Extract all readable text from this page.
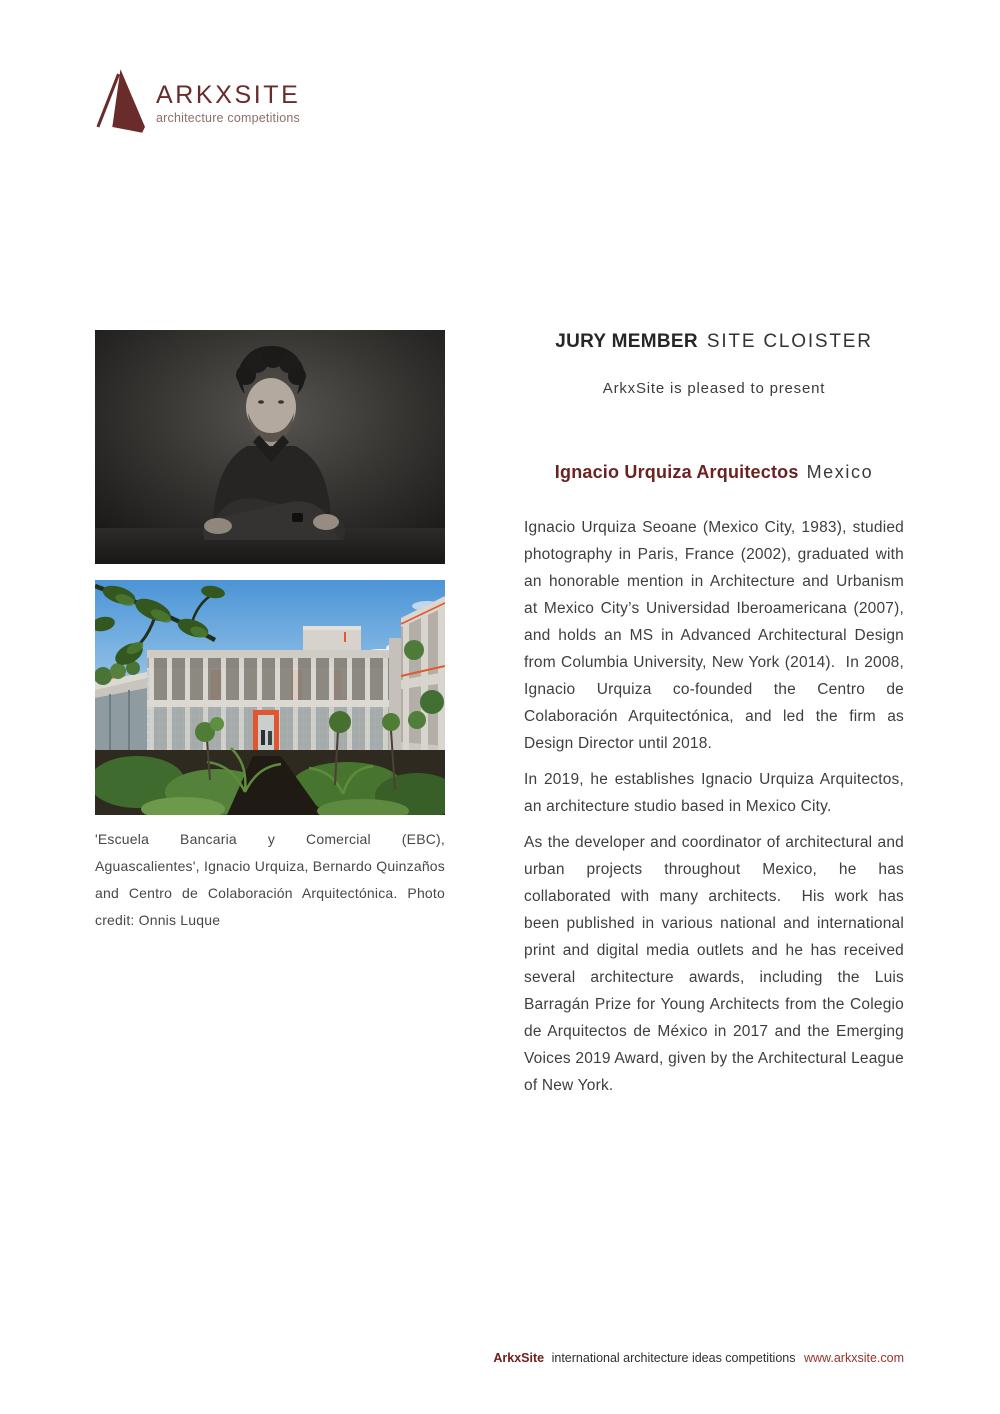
ARKXSITE
architecture competitions

'Escuela Bancaria y Comercial (EBC), Aguascalientes', Ignacio Urquiza, Bernardo Quinzaños and Centro de Colaboración Arquitectónica. Photo credit: Onnis Luque

JURY MEMBER SITE CLOISTER
ArkxSite is pleased to present
Ignacio Urquiza Arquitectos Mexico

Ignacio Urquiza Seoane (Mexico City, 1983), studied photography in Paris, France (2002), graduated with an honorable mention in Architecture and Urbanism at Mexico City’s Universidad Iberoamericana (2007), and holds an MS in Advanced Architectural Design from Columbia University, New York (2014).  In 2008, Ignacio Urquiza co-founded the Centro de Colaboración Arquitectónica, and led the firm as Design Director until 2018.

In 2019, he establishes Ignacio Urquiza Arquitectos, an architecture studio based in Mexico City.

As the developer and coordinator of architectural and urban projects throughout Mexico, he has collaborated with many architects.  His work has been published in various national and international print and digital media outlets and he has received several architecture awards, including the Luis Barragán Prize for Young Architects from the Colegio de Arquitectos de México in 2017 and the Emerging Voices 2019 Award, given by the Architectural League of New York.

ArkxSite international architecture ideas competitions www.arkxsite.com
